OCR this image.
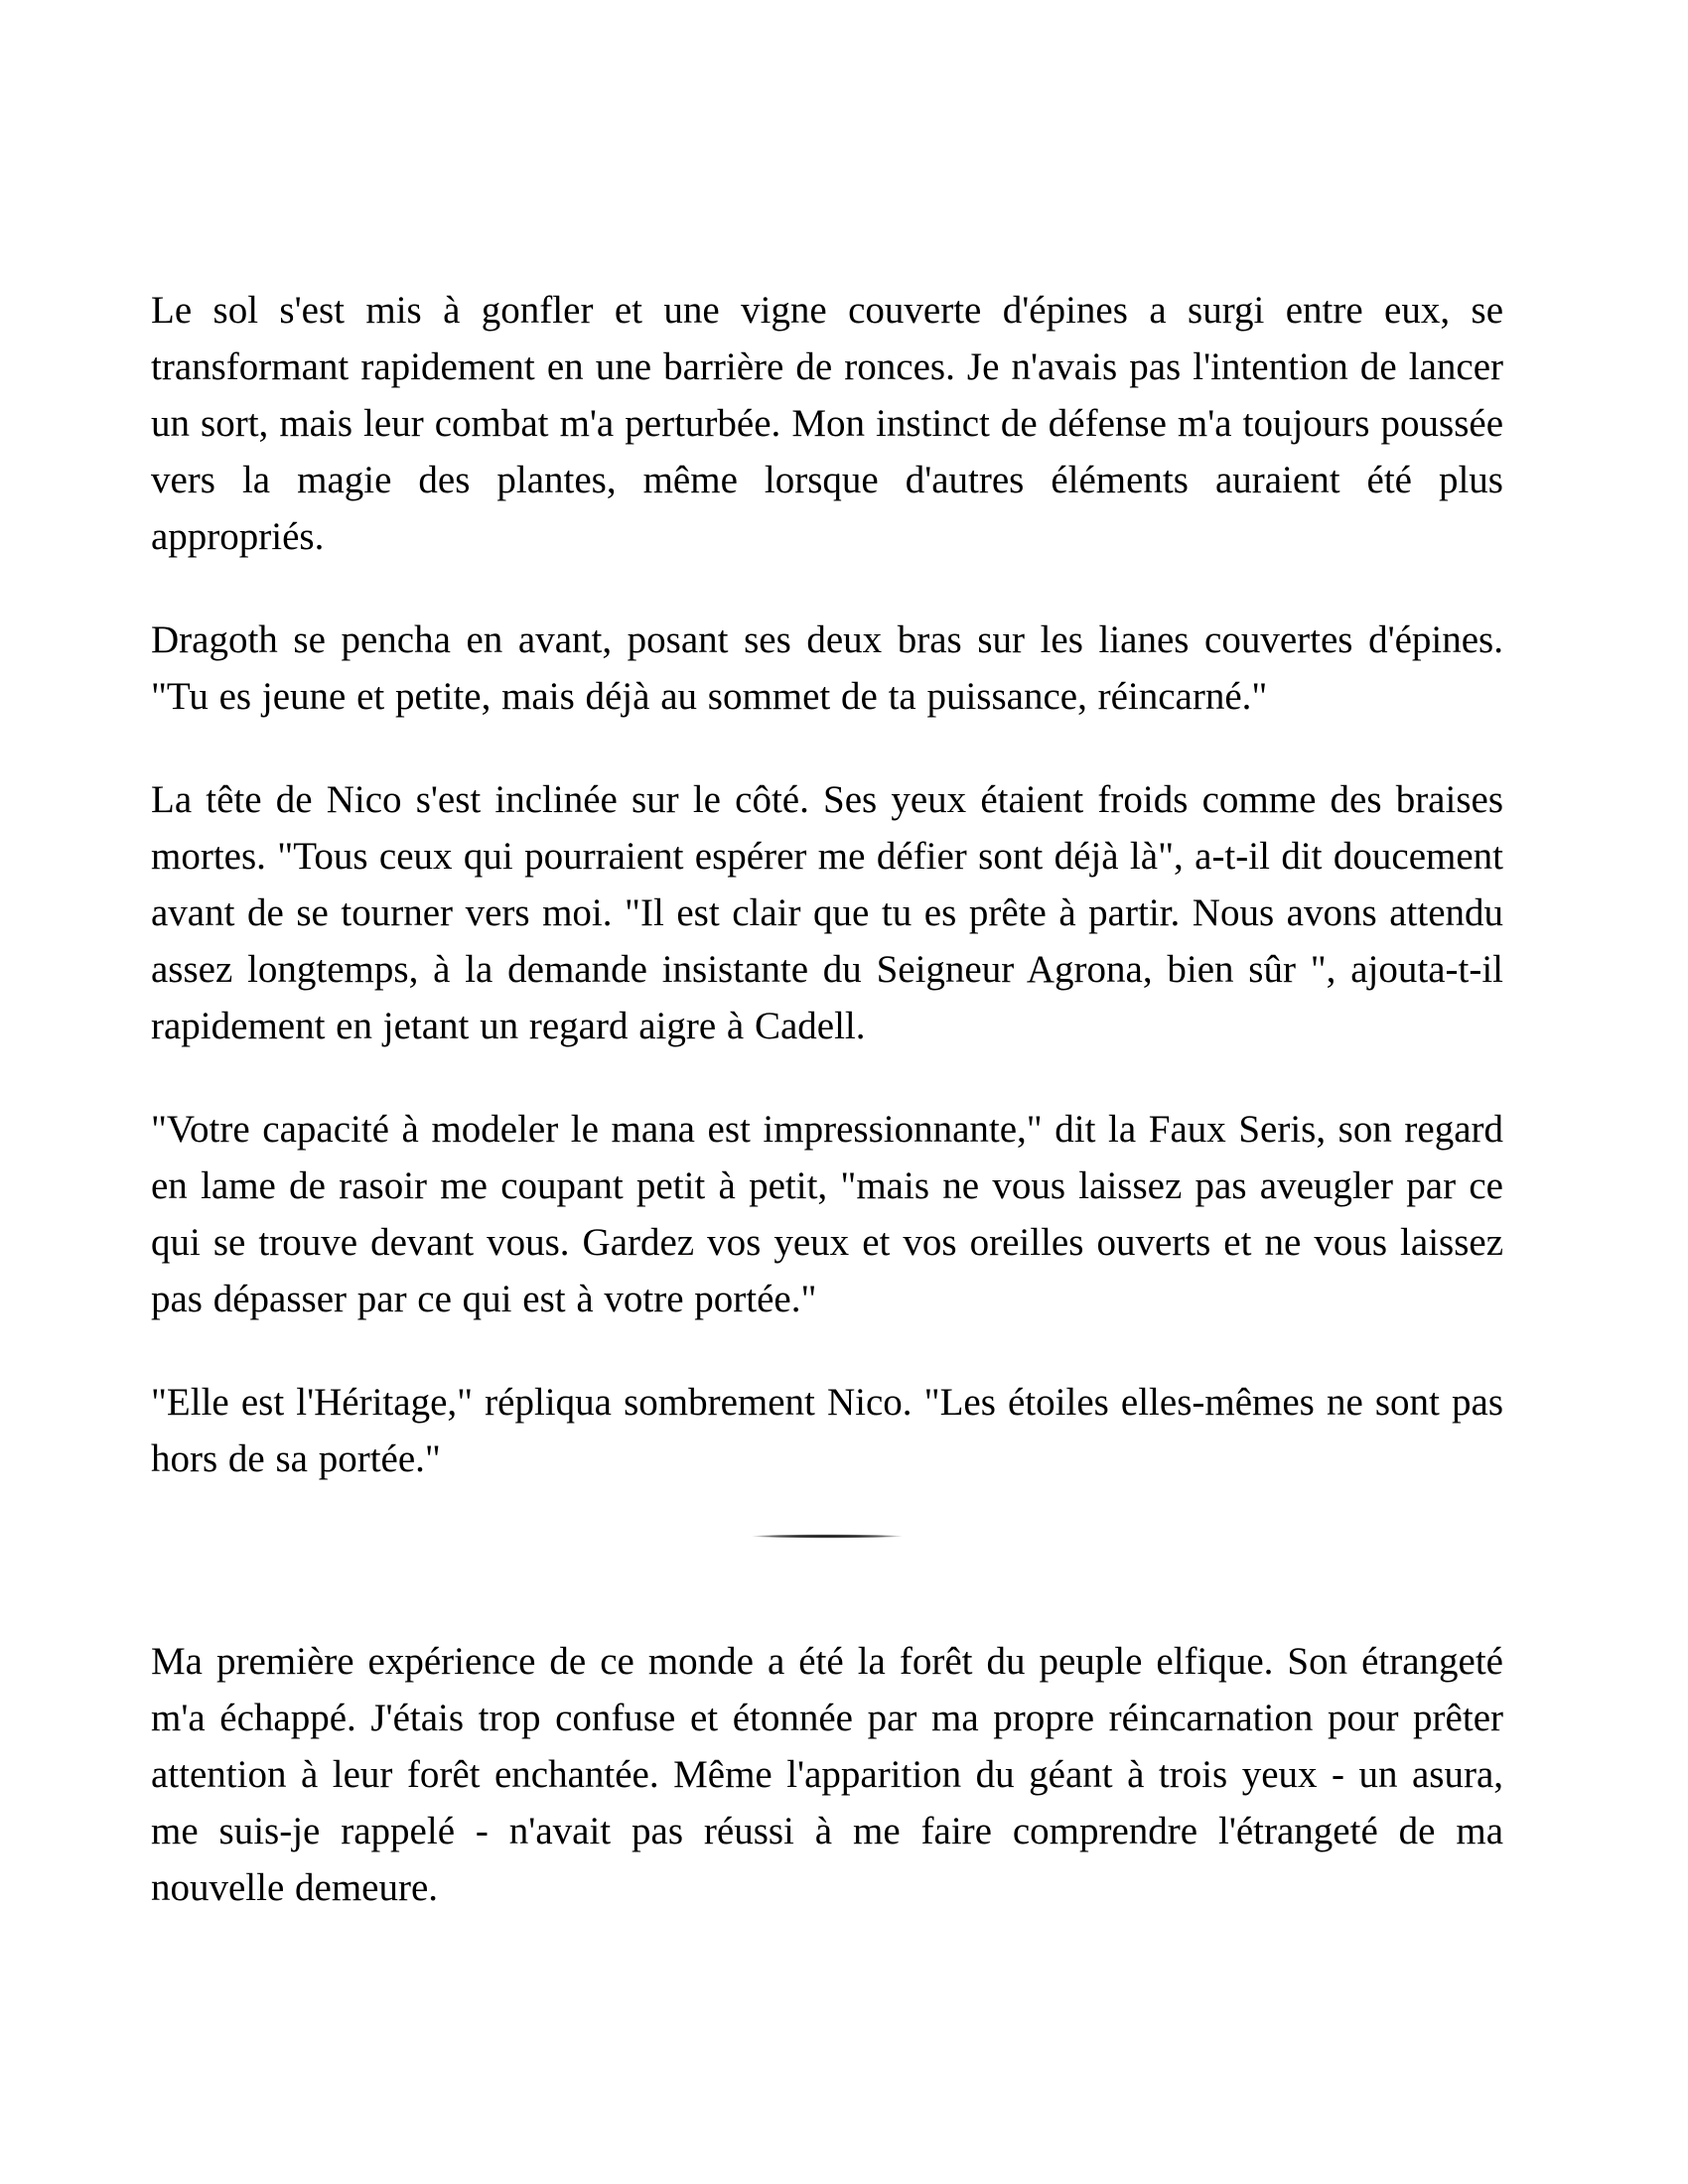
Le sol s'est mis à gonfler et une vigne couverte d'épines a surgi entre eux, se transformant rapidement en une barrière de ronces. Je n'avais pas l'intention de lancer un sort, mais leur combat m'a perturbée. Mon instinct de défense m'a toujours poussée vers la magie des plantes, même lorsque d'autres éléments auraient été plus appropriés.

Dragoth se pencha en avant, posant ses deux bras sur les lianes couvertes d'épines. "Tu es jeune et petite, mais déjà au sommet de ta puissance, réincarné."

La tête de Nico s'est inclinée sur le côté. Ses yeux étaient froids comme des braises mortes. "Tous ceux qui pourraient espérer me défier sont déjà là", a-t-il dit doucement avant de se tourner vers moi. "Il est clair que tu es prête à partir. Nous avons attendu assez longtemps, à la demande insistante du Seigneur Agrona, bien sûr ", ajouta-t-il rapidement en jetant un regard aigre à Cadell.

"Votre capacité à modeler le mana est impressionnante," dit la Faux Seris, son regard en lame de rasoir me coupant petit à petit, "mais ne vous laissez pas aveugler par ce qui se trouve devant vous. Gardez vos yeux et vos oreilles ouverts et ne vous laissez pas dépasser par ce qui est à votre portée."

"Elle est l'Héritage," répliqua sombrement Nico. "Les étoiles elles-mêmes ne sont pas hors de sa portée."

Ma première expérience de ce monde a été la forêt du peuple elfique. Son étrangeté m'a échappé. J'étais trop confuse et étonnée par ma propre réincarnation pour prêter attention à leur forêt enchantée. Même l'apparition du géant à trois yeux - un asura, me suis-je rappelé - n'avait pas réussi à me faire comprendre l'étrangeté de ma nouvelle demeure.
